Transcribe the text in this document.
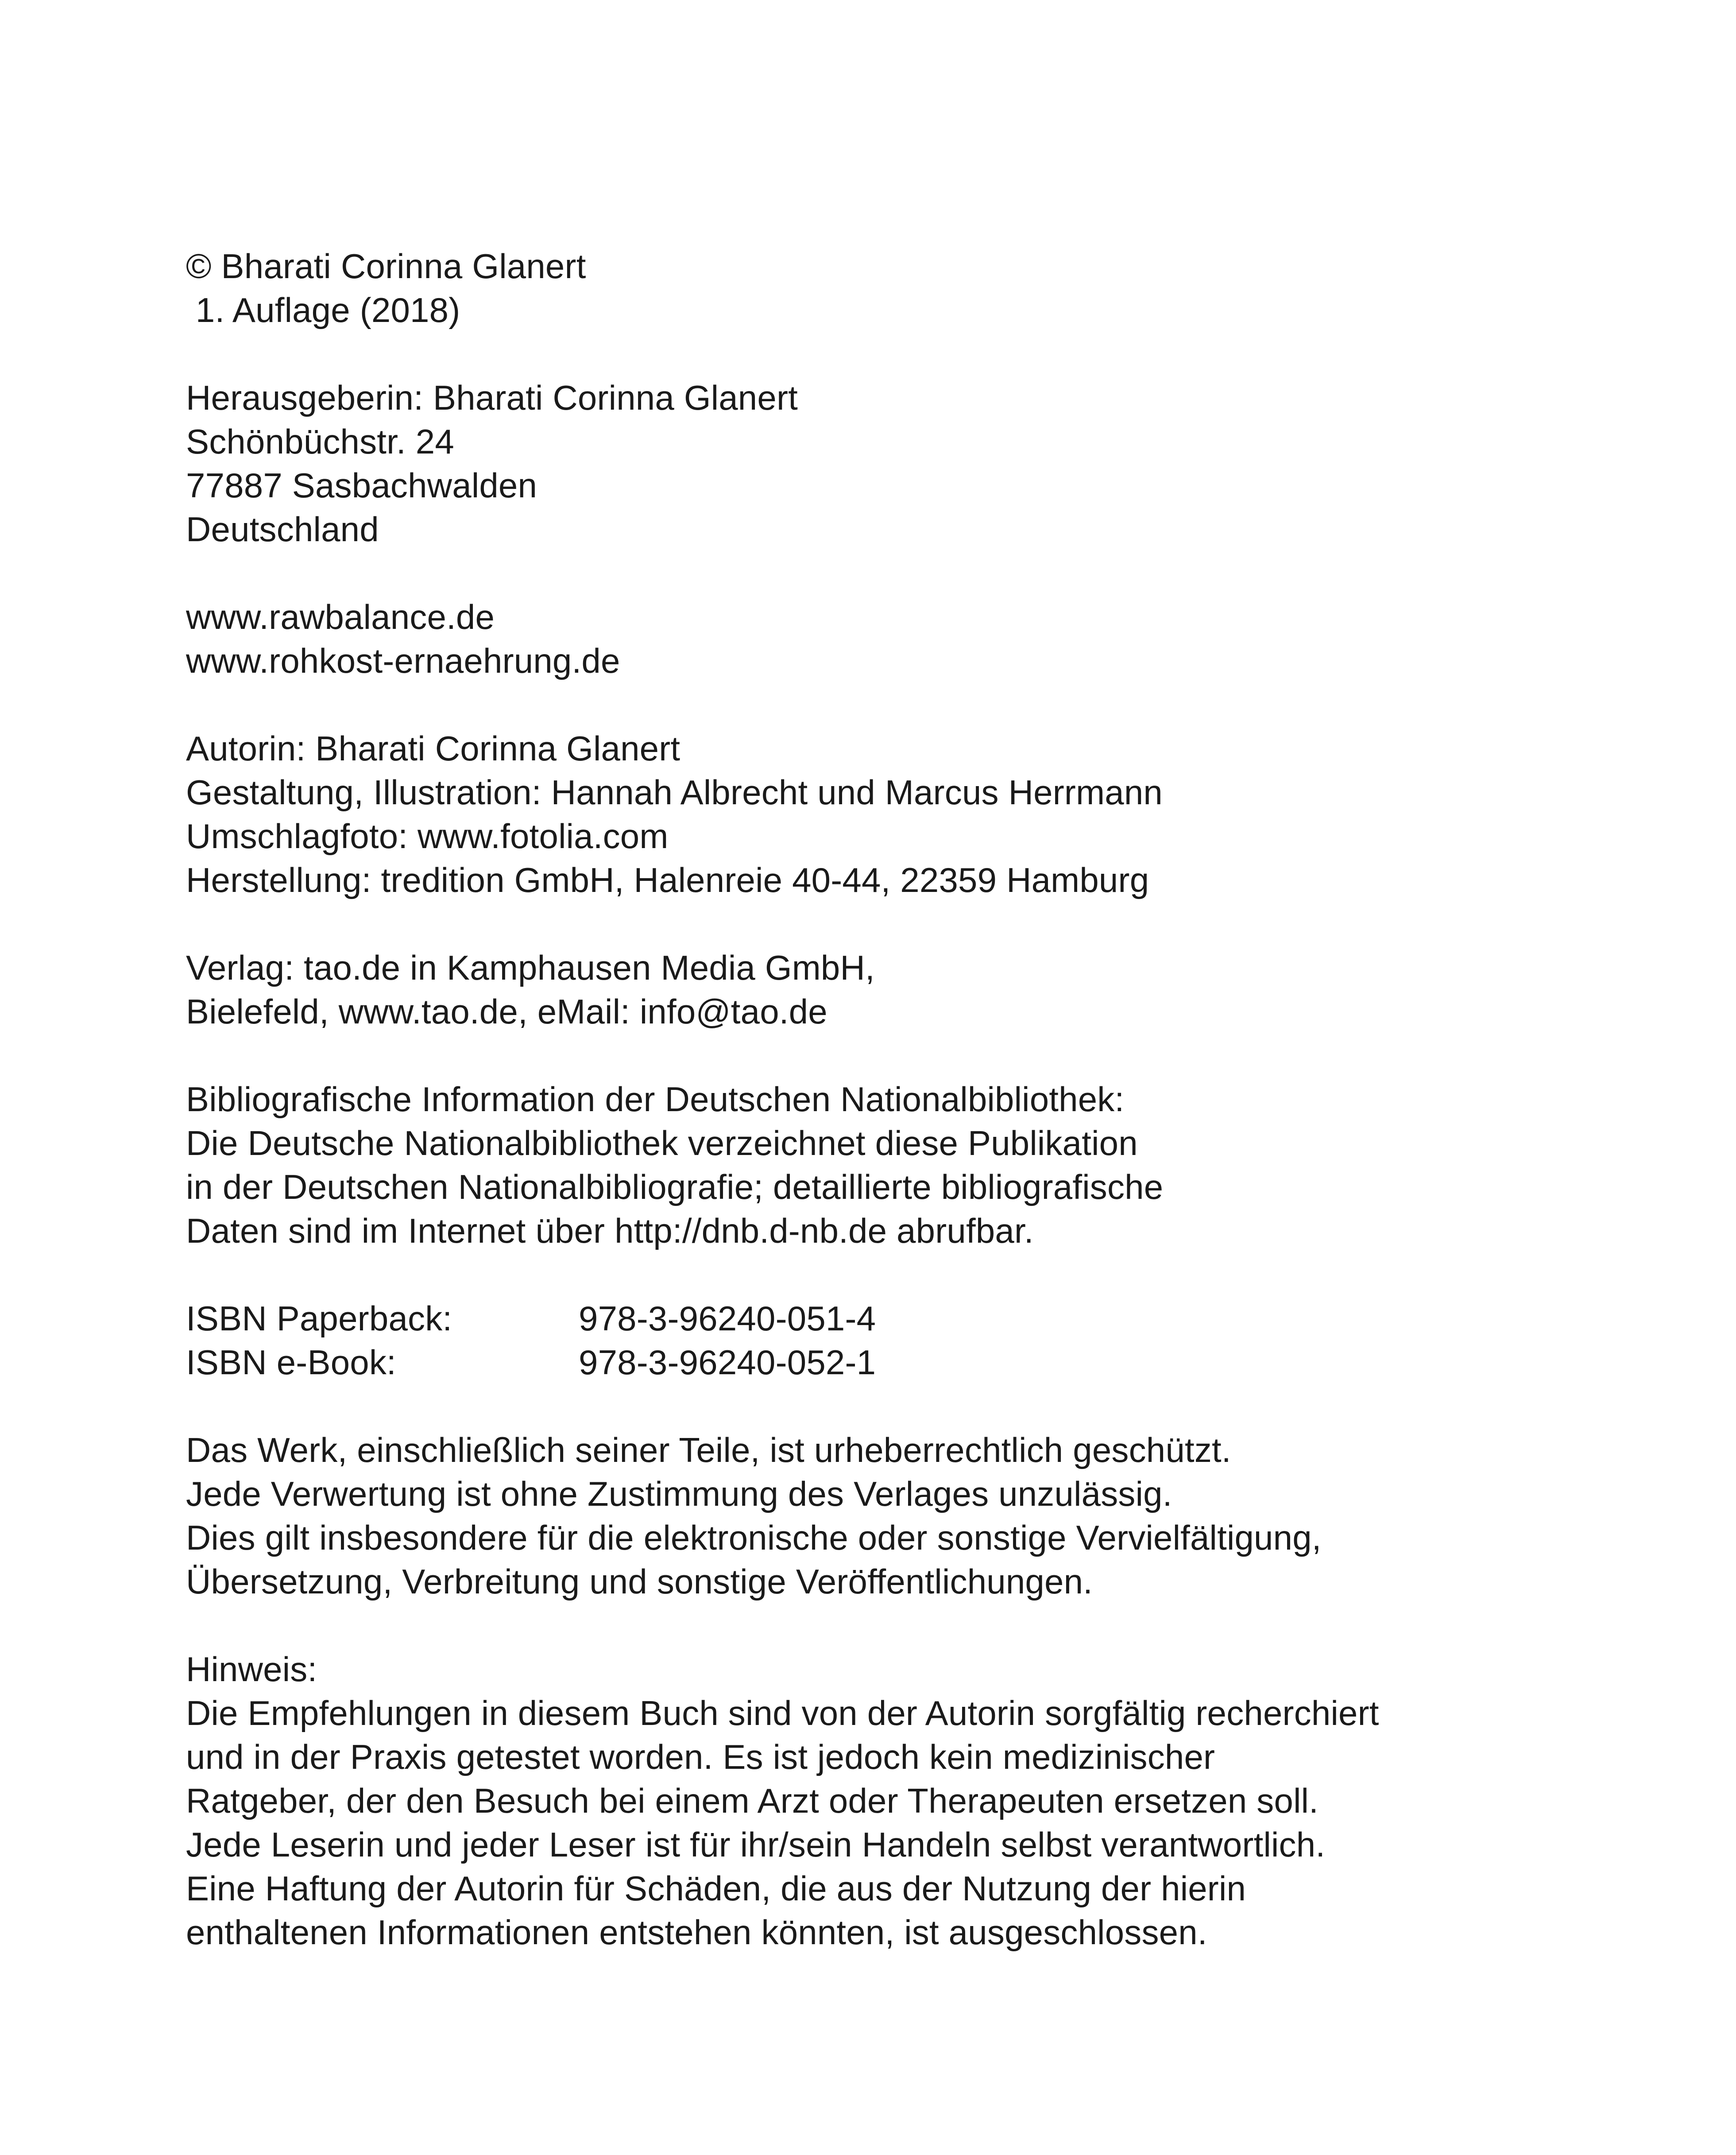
© Bharati Corinna Glanert
1. Auflage (2018)
Herausgeberin: Bharati Corinna Glanert
Schönbüchstr. 24
77887 Sasbachwalden
Deutschland
www.rawbalance.de
www.rohkost-ernaehrung.de
Autorin: Bharati Corinna Glanert
Gestaltung, Illustration: Hannah Albrecht und Marcus Herrmann
Umschlagfoto: www.fotolia.com
Herstellung: tredition GmbH, Halenreie 40-44, 22359 Hamburg
Verlag: tao.de in Kamphausen Media GmbH,
Bielefeld, www.tao.de, eMail: info@tao.de
Bibliografische Information der Deutschen Nationalbibliothek:
Die Deutsche Nationalbibliothek verzeichnet diese Publikation
in der Deutschen Nationalbibliografie; detaillierte bibliografische
Daten sind im Internet über http://dnb.d-nb.de abrufbar.
ISBN Paperback:	978-3-96240-051-4
ISBN e-Book:	978-3-96240-052-1
Das Werk, einschließlich seiner Teile, ist urheberrechtlich geschützt.
Jede Verwertung ist ohne Zustimmung des Verlages unzulässig.
Dies gilt insbesondere für die elektronische oder sonstige Vervielfältigung,
Übersetzung, Verbreitung und sonstige Veröffentlichungen.
Hinweis:
Die Empfehlungen in diesem Buch sind von der Autorin sorgfältig recherchiert
und in der Praxis getestet worden. Es ist jedoch kein medizinischer
Ratgeber, der den Besuch bei einem Arzt oder Therapeuten ersetzen soll.
Jede Leserin und jeder Leser ist für ihr/sein Handeln selbst verantwortlich.
Eine Haftung der Autorin für Schäden, die aus der Nutzung der hierin
enthaltenen Informationen entstehen könnten, ist ausgeschlossen.
